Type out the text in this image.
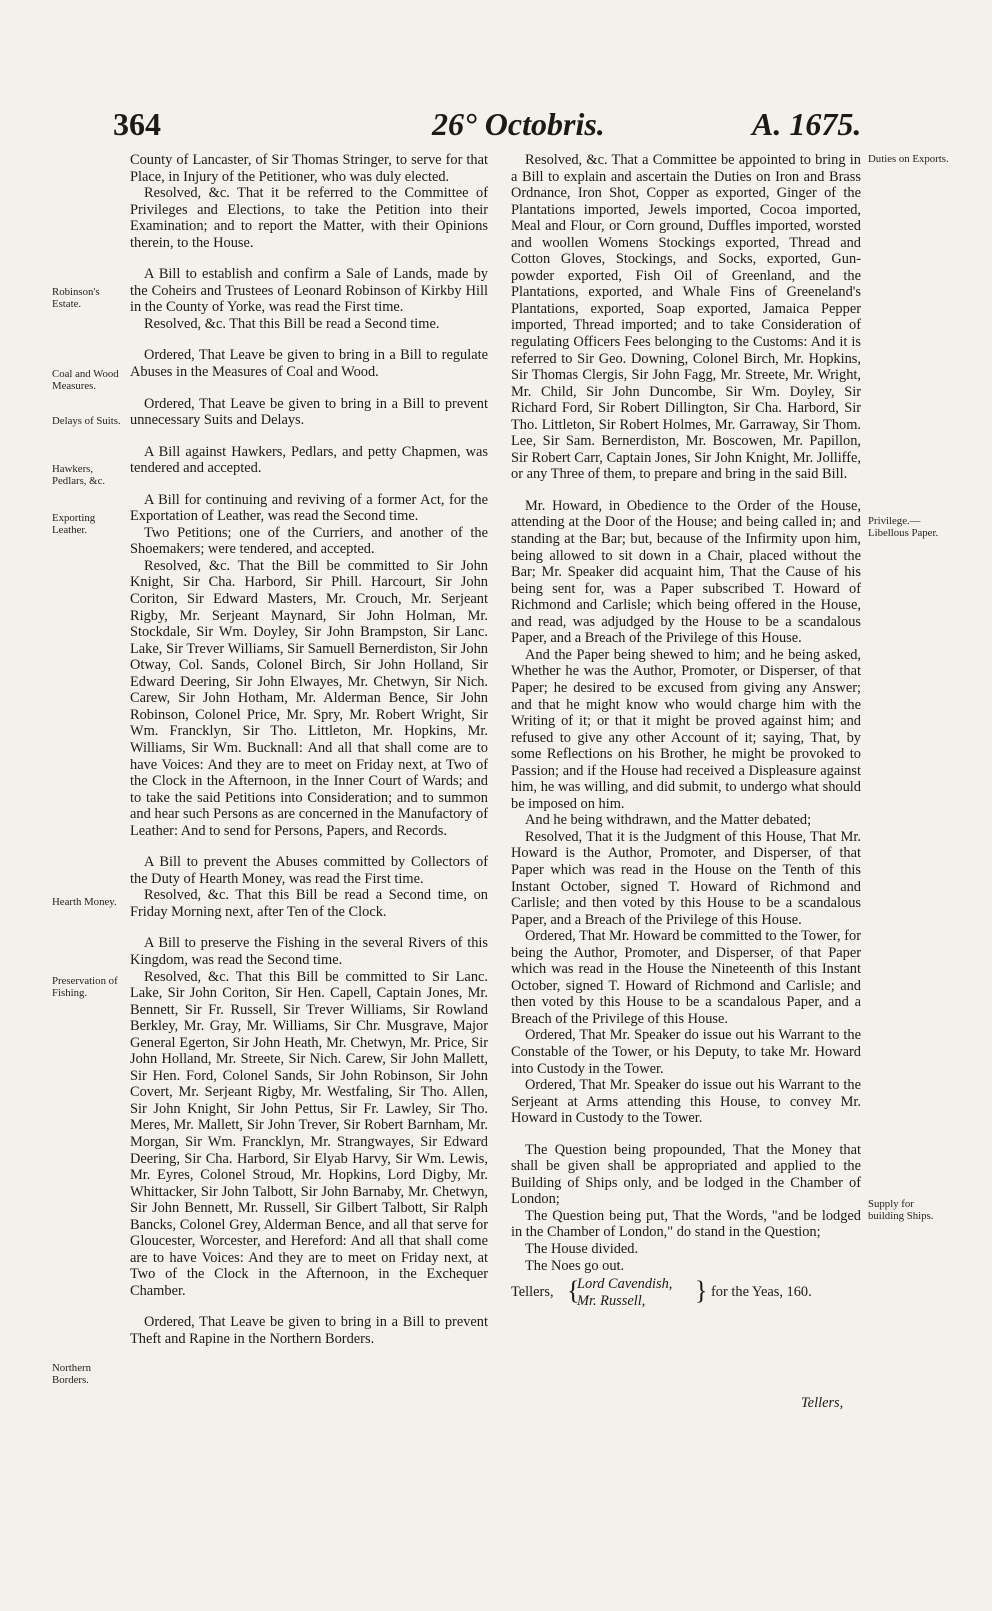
364	26° Octobris.	A. 1675.
Robinson's Estate.
Coal and Wood Measures.
Delays of Suits.
Hawkers, Pedlars, &c.
Exporting Leather.
Hearth Money.
Preservation of Fishing.
Northern Borders.
Duties on Exports.
Privilege.— Libellous Paper.
Supply for building Ships.

County of Lancaster, of Sir Thomas Stringer, to serve for that Place, in Injury of the Petitioner, who was duly elected.

Resolved, &c. That it be referred to the Committee of Privileges and Elections, to take the Petition into their Examination; and to report the Matter, with their Opinions therein, to the House.

A Bill to establish and confirm a Sale of Lands, made by the Coheirs and Trustees of Leonard Robinson of Kirkby Hill in the County of Yorke, was read the First time.

Resolved, &c. That this Bill be read a Second time.

Ordered, That Leave be given to bring in a Bill to regulate Abuses in the Measures of Coal and Wood.

Ordered, That Leave be given to bring in a Bill to prevent unnecessary Suits and Delays.

A Bill against Hawkers, Pedlars, and petty Chapmen, was tendered and accepted.

A Bill for continuing and reviving of a former Act, for the Exportation of Leather, was read the Second time.

Two Petitions; one of the Curriers, and another of the Shoemakers; were tendered, and accepted.

Resolved, &c. That the Bill be committed to Sir John Knight, Sir Cha. Harbord, Sir Phill. Harcourt, Sir John Coriton, Sir Edward Masters, Mr. Crouch, Mr. Serjeant Rigby, Mr. Serjeant Maynard, Sir John Holman, Mr. Stockdale, Sir Wm. Doyley, Sir John Brampston, Sir Lanc. Lake, Sir Trever Williams, Sir Samuell Bernerdiston, Sir John Otway, Col. Sands, Colonel Birch, Sir John Holland, Sir Edward Deering, Sir John Elwayes, Mr. Chetwyn, Sir Nich. Carew, Sir John Hotham, Mr. Alderman Bence, Sir John Robinson, Colonel Price, Mr. Spry, Mr. Robert Wright, Sir Wm. Francklyn, Sir Tho. Littleton, Mr. Hopkins, Mr. Williams, Sir Wm. Bucknall: And all that shall come are to have Voices: And they are to meet on Friday next, at Two of the Clock in the Afternoon, in the Inner Court of Wards; and to take the said Petitions into Consideration; and to summon and hear such Persons as are concerned in the Manufactory of Leather: And to send for Persons, Papers, and Records.

A Bill to prevent the Abuses committed by Collectors of the Duty of Hearth Money, was read the First time.

Resolved, &c. That this Bill be read a Second time, on Friday Morning next, after Ten of the Clock.

A Bill to preserve the Fishing in the several Rivers of this Kingdom, was read the Second time.

Resolved, &c. That this Bill be committed to Sir Lanc. Lake, Sir John Coriton, Sir Hen. Capell, Captain Jones, Mr. Bennett, Sir Fr. Russell, Sir Trever Williams, Sir Rowland Berkley, Mr. Gray, Mr. Williams, Sir Chr. Musgrave, Major General Egerton, Sir John Heath, Mr. Chetwyn, Mr. Price, Sir John Holland, Mr. Streete, Sir Nich. Carew, Sir John Mallett, Sir Hen. Ford, Colonel Sands, Sir John Robinson, Sir John Covert, Mr. Serjeant Rigby, Mr. Westfaling, Sir Tho. Allen, Sir John Knight, Sir John Pettus, Sir Fr. Lawley, Sir Tho. Meres, Mr. Mallett, Sir John Trever, Sir Robert Barnham, Mr. Morgan, Sir Wm. Francklyn, Mr. Strangwayes, Sir Edward Deering, Sir Cha. Harbord, Sir Elyab Harvy, Sir Wm. Lewis, Mr. Eyres, Colonel Stroud, Mr. Hopkins, Lord Digby, Mr. Whittacker, Sir John Talbott, Sir John Barnaby, Mr. Chetwyn, Sir John Bennett, Mr. Russell, Sir Gilbert Talbott, Sir Ralph Bancks, Colonel Grey, Alderman Bence, and all that serve for Gloucester, Worcester, and Hereford: And all that shall come are to have Voices: And they are to meet on Friday next, at Two of the Clock in the Afternoon, in the Exchequer Chamber.

Ordered, That Leave be given to bring in a Bill to prevent Theft and Rapine in the Northern Borders.

Resolved, &c. That a Committee be appointed to bring in a Bill to explain and ascertain the Duties on Iron and Brass Ordnance, Iron Shot, Copper as exported, Ginger of the Plantations imported, Jewels imported, Cocoa imported, Meal and Flour, or Corn ground, Duffles imported, worsted and woollen Womens Stockings exported, Thread and Cotton Gloves, Stockings, and Socks, exported, Gun-powder exported, Fish Oil of Greenland, and the Plantations, exported, and Whale Fins of Greeneland's Plantations, exported, Soap exported, Jamaica Pepper imported, Thread imported; and to take Consideration of regulating Officers Fees belonging to the Customs: And it is referred to Sir Geo. Downing, Colonel Birch, Mr. Hopkins, Sir Thomas Clergis, Sir John Fagg, Mr. Streete, Mr. Wright, Mr. Child, Sir John Duncombe, Sir Wm. Doyley, Sir Richard Ford, Sir Robert Dillington, Sir Cha. Harbord, Sir Tho. Littleton, Sir Robert Holmes, Mr. Garraway, Sir Thom. Lee, Sir Sam. Bernerdiston, Mr. Boscowen, Mr. Papillon, Sir Robert Carr, Captain Jones, Sir John Knight, Mr. Jolliffe, or any Three of them, to prepare and bring in the said Bill.

Mr. Howard, in Obedience to the Order of the House, attending at the Door of the House; and being called in; and standing at the Bar; but, because of the Infirmity upon him, being allowed to sit down in a Chair, placed without the Bar; Mr. Speaker did acquaint him, That the Cause of his being sent for, was a Paper subscribed T. Howard of Richmond and Carlisle; which being offered in the House, and read, was adjudged by the House to be a scandalous Paper, and a Breach of the Privilege of this House.

And the Paper being shewed to him; and he being asked, Whether he was the Author, Promoter, or Disperser, of that Paper; he desired to be excused from giving any Answer; and that he might know who would charge him with the Writing of it; or that it might be proved against him; and refused to give any other Account of it; saying, That, by some Reflections on his Brother, he might be provoked to Passion; and if the House had received a Displeasure against him, he was willing, and did submit, to undergo what should be imposed on him.

And he being withdrawn, and the Matter debated;

Resolved, That it is the Judgment of this House, That Mr. Howard is the Author, Promoter, and Disperser, of that Paper which was read in the House on the Tenth of this Instant October, signed T. Howard of Richmond and Carlisle; and then voted by this House to be a scandalous Paper, and a Breach of the Privilege of this House.

Ordered, That Mr. Howard be committed to the Tower, for being the Author, Promoter, and Disperser, of that Paper which was read in the House the Nineteenth of this Instant October, signed T. Howard of Richmond and Carlisle; and then voted by this House to be a scandalous Paper, and a Breach of the Privilege of this House.

Ordered, That Mr. Speaker do issue out his Warrant to the Constable of the Tower, or his Deputy, to take Mr. Howard into Custody in the Tower.

Ordered, That Mr. Speaker do issue out his Warrant to the Serjeant at Arms attending this House, to convey Mr. Howard in Custody to the Tower.

The Question being propounded, That the Money that shall be given shall be appropriated and applied to the Building of Ships only, and be lodged in the Chamber of London;

The Question being put, That the Words, "and be lodged in the Chamber of London," do stand in the Question;

The House divided.

The Noes go out.

Tellers, {
Lord Cavendish,
Mr. Russell,	} for the Yeas, 160.
Tellers,
